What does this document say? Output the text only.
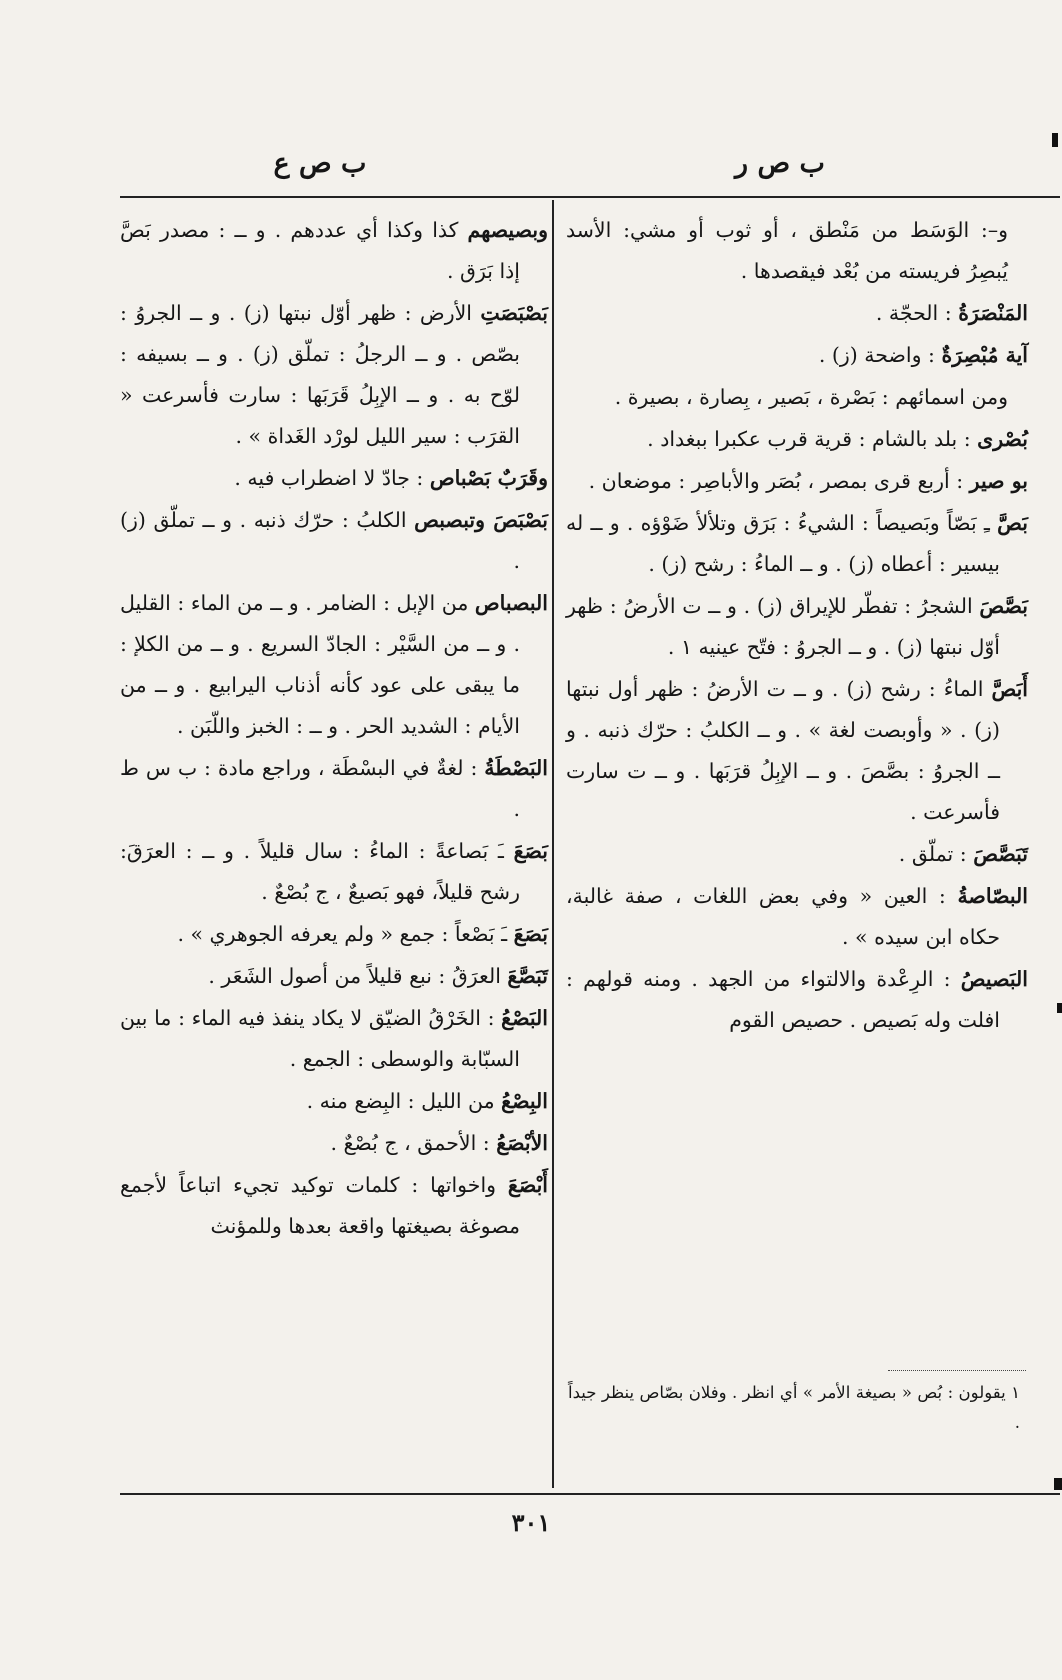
ب ص ر
ب ص ع

و–: الوَسَط من مَنْطق ، أو ثوب أو مشي: الأسد يُبصِرُ فريسته من بُعْد فيقصدها .

المَنْصَرَةُ : الحجّة .

آية مُبْصِرَةٌ : واضحة (ز) .

ومن اسمائهم : بَصْرة ، بَصير ، بِصارة ، بصيرة .

بُصْرى : بلد بالشام : قرية قرب عكبرا ببغداد .

بو صير : أربع قرى بمصر ، بُصَر والأباصِر : موضعان .

بَصَّ ـِ بَصّاً وبَصيصاً : الشيءُ : بَرَق وتلألأ ضَوْؤه . و ــ له بيسير : أعطاه (ز) . و ــ الماءُ : رشح (ز) .

بَصَّصَ الشجرُ : تفطّر للإيراق (ز) . و ــ ت الأرضُ : ظهر أوّل نبتها (ز) . و ــ الجروُ : فتّح عينيه ١ .

أَبَصَّ الماءُ : رشح (ز) . و ــ ت الأرضُ : ظهر أول نبتها (ز) . « وأوبصت لغة » . و ــ الكلبُ : حرّك ذنبه . و ــ الجروُ : بصَّصَ . و ــ الإبِلُ قرَبَها . و ــ ت سارت فأسرعت .

تَبَصَّصَ : تملّق .

البصّاصةُ : العين « وفي بعض اللغات ، صفة غالبة، حكاه ابن سيده » .

البَصيصُ : الرِعْدة والالتواء من الجهد . ومنه قولهم : افلت وله بَصيص . حصيص القوم

وبصيصهم كذا وكذا أي عددهم . و ــ : مصدر بَصَّ إذا بَرَق .

بَصْبَصَتِ الأرض : ظهر أوّل نبتها (ز) . و ــ الجروُ : بصّص . و ــ الرجلُ : تملّق (ز) . و ــ بسيفه : لوّح به . و ــ الإبِلُ قَرَبَها : سارت فأسرعت « القرَب : سير الليل لورْد الغَداة » .

وقَرَبٌ بَصْباص : جادّ لا اضطراب فيه .

بَصْبَصَ وتبصبص الكلبُ : حرّك ذنبه . و ــ تملّق (ز) .

البصباص من الإبل : الضامر . و ــ من الماء : القليل . و ــ من السَّيْر : الجادّ السريع . و ــ من الكلإ : ما يبقى على عود كأنه أذناب اليرابيع . و ــ من الأيام : الشديد الحر . و ــ : الخبز واللّبَن .

البَصْطَةُ : لغةٌ في البسْطَة ، وراجع مادة : ب س ط .

بَصَعَ ـَ بَصاعةً : الماءُ : سال قليلاً . و ــ : العرَقَ: رشح قليلاً، فهو بَصيعٌ ، ج بُصْعٌ .

بَصَعَ ـَ بَصْعاً : جمع « ولم يعرفه الجوهري » .

تَبَصَّعَ العرَقُ : نبع قليلاً من أصول الشَعَر .

البَصْعُ : الخَرْقُ الضيّق لا يكاد ينفذ فيه الماء : ما بين السبّابة والوسطى : الجمع .

البِصْعُ من الليل : البِضع منه .

الأبْصَعُ : الأحمق ، ج بُصْعٌ .

أَبْصَعَ واخواتها : كلمات توكيد تجيء اتباعاً لأجمع مصوغة بصيغتها واقعة بعدها وللمؤنث

١ يقولون : بُص « بصيغة الأمر » أي انظر . وفلان بصّاص ينظر جيداً .
٣٠١
